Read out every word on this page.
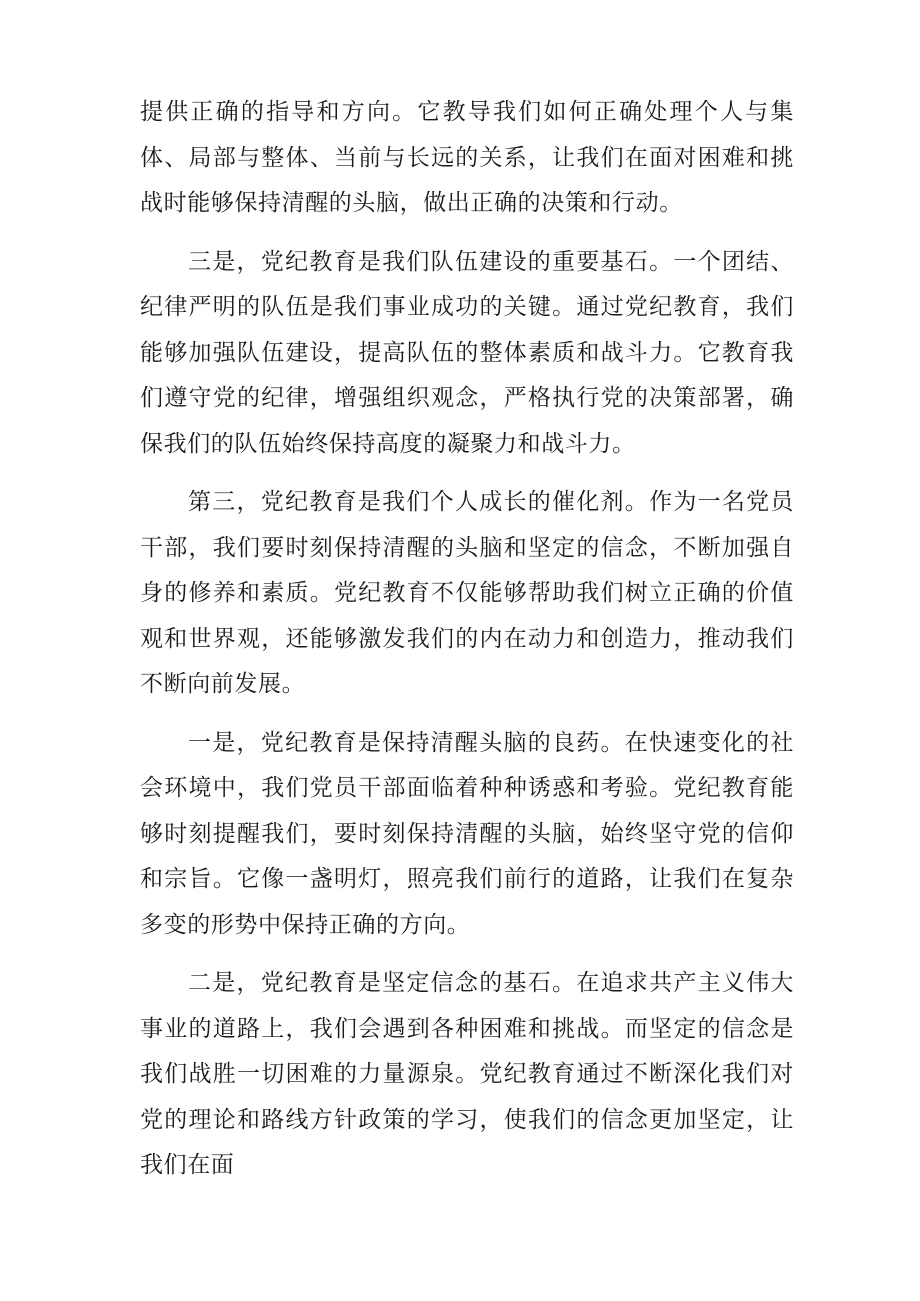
提供正确的指导和方向。它教导我们如何正确处理个人与集体、局部与整体、当前与长远的关系，让我们在面对困难和挑战时能够保持清醒的头脑，做出正确的决策和行动。

三是，党纪教育是我们队伍建设的重要基石。一个团结、纪律严明的队伍是我们事业成功的关键。通过党纪教育，我们能够加强队伍建设，提高队伍的整体素质和战斗力。它教育我们遵守党的纪律，增强组织观念，严格执行党的决策部署，确保我们的队伍始终保持高度的凝聚力和战斗力。

第三，党纪教育是我们个人成长的催化剂。作为一名党员干部，我们要时刻保持清醒的头脑和坚定的信念，不断加强自身的修养和素质。党纪教育不仅能够帮助我们树立正确的价值观和世界观，还能够激发我们的内在动力和创造力，推动我们不断向前发展。

一是，党纪教育是保持清醒头脑的良药。在快速变化的社会环境中，我们党员干部面临着种种诱惑和考验。党纪教育能够时刻提醒我们，要时刻保持清醒的头脑，始终坚守党的信仰和宗旨。它像一盏明灯，照亮我们前行的道路，让我们在复杂多变的形势中保持正确的方向。

二是，党纪教育是坚定信念的基石。在追求共产主义伟大事业的道路上，我们会遇到各种困难和挑战。而坚定的信念是我们战胜一切困难的力量源泉。党纪教育通过不断深化我们对党的理论和路线方针政策的学习，使我们的信念更加坚定，让我们在面
